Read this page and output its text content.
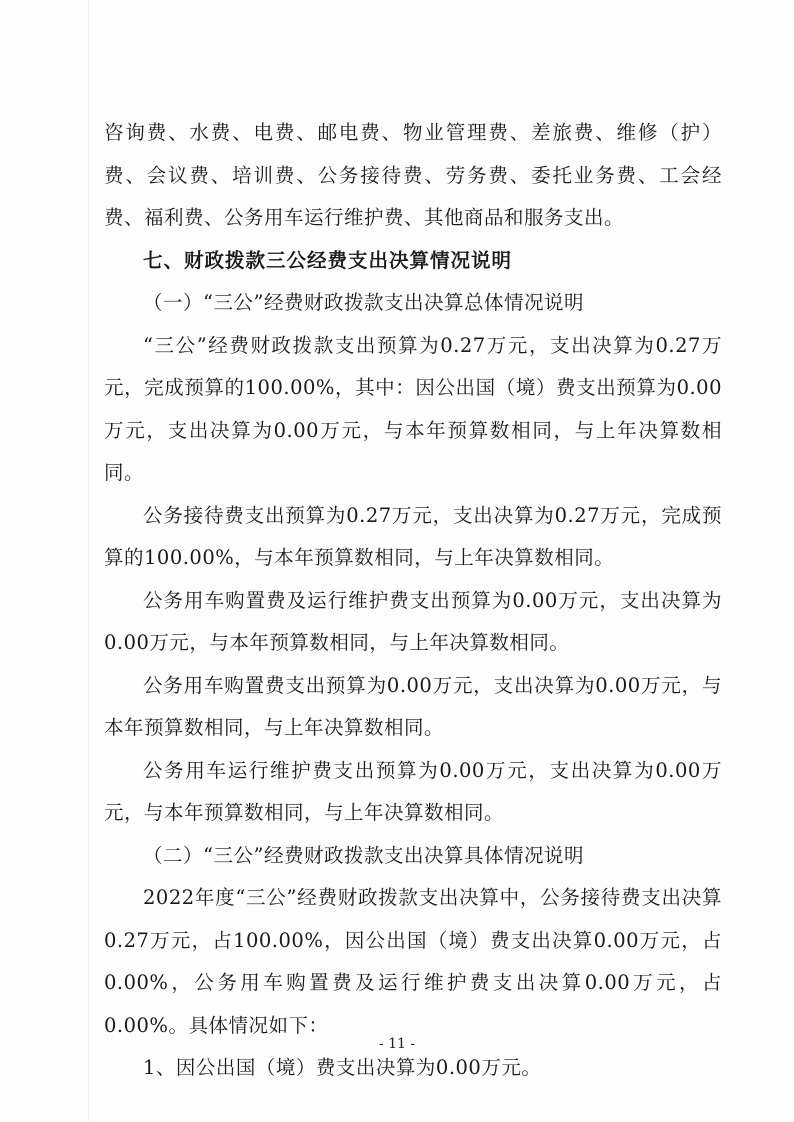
咨询费、水费、电费、邮电费、物业管理费、差旅费、维修（护）费、会议费、培训费、公务接待费、劳务费、委托业务费、工会经费、福利费、公务用车运行维护费、其他商品和服务支出。

七、财政拨款三公经费支出决算情况说明

（一）“三公”经费财政拨款支出决算总体情况说明

“三公”经费财政拨款支出预算为0.27万元，支出决算为0.27万元，完成预算的100.00%，其中：因公出国（境）费支出预算为0.00万元，支出决算为0.00万元，与本年预算数相同，与上年决算数相同。

公务接待费支出预算为0.27万元，支出决算为0.27万元，完成预算的100.00%，与本年预算数相同，与上年决算数相同。

公务用车购置费及运行维护费支出预算为0.00万元，支出决算为0.00万元，与本年预算数相同，与上年决算数相同。

公务用车购置费支出预算为0.00万元，支出决算为0.00万元，与本年预算数相同，与上年决算数相同。

公务用车运行维护费支出预算为0.00万元，支出决算为0.00万元，与本年预算数相同，与上年决算数相同。

（二）“三公”经费财政拨款支出决算具体情况说明

2022年度“三公”经费财政拨款支出决算中，公务接待费支出决算0.27万元，占100.00%，因公出国（境）费支出决算0.00万元，占0.00%，公务用车购置费及运行维护费支出决算0.00万元，占0.00%。具体情况如下：

1、因公出国（境）费支出决算为0.00万元。

- 11 -
